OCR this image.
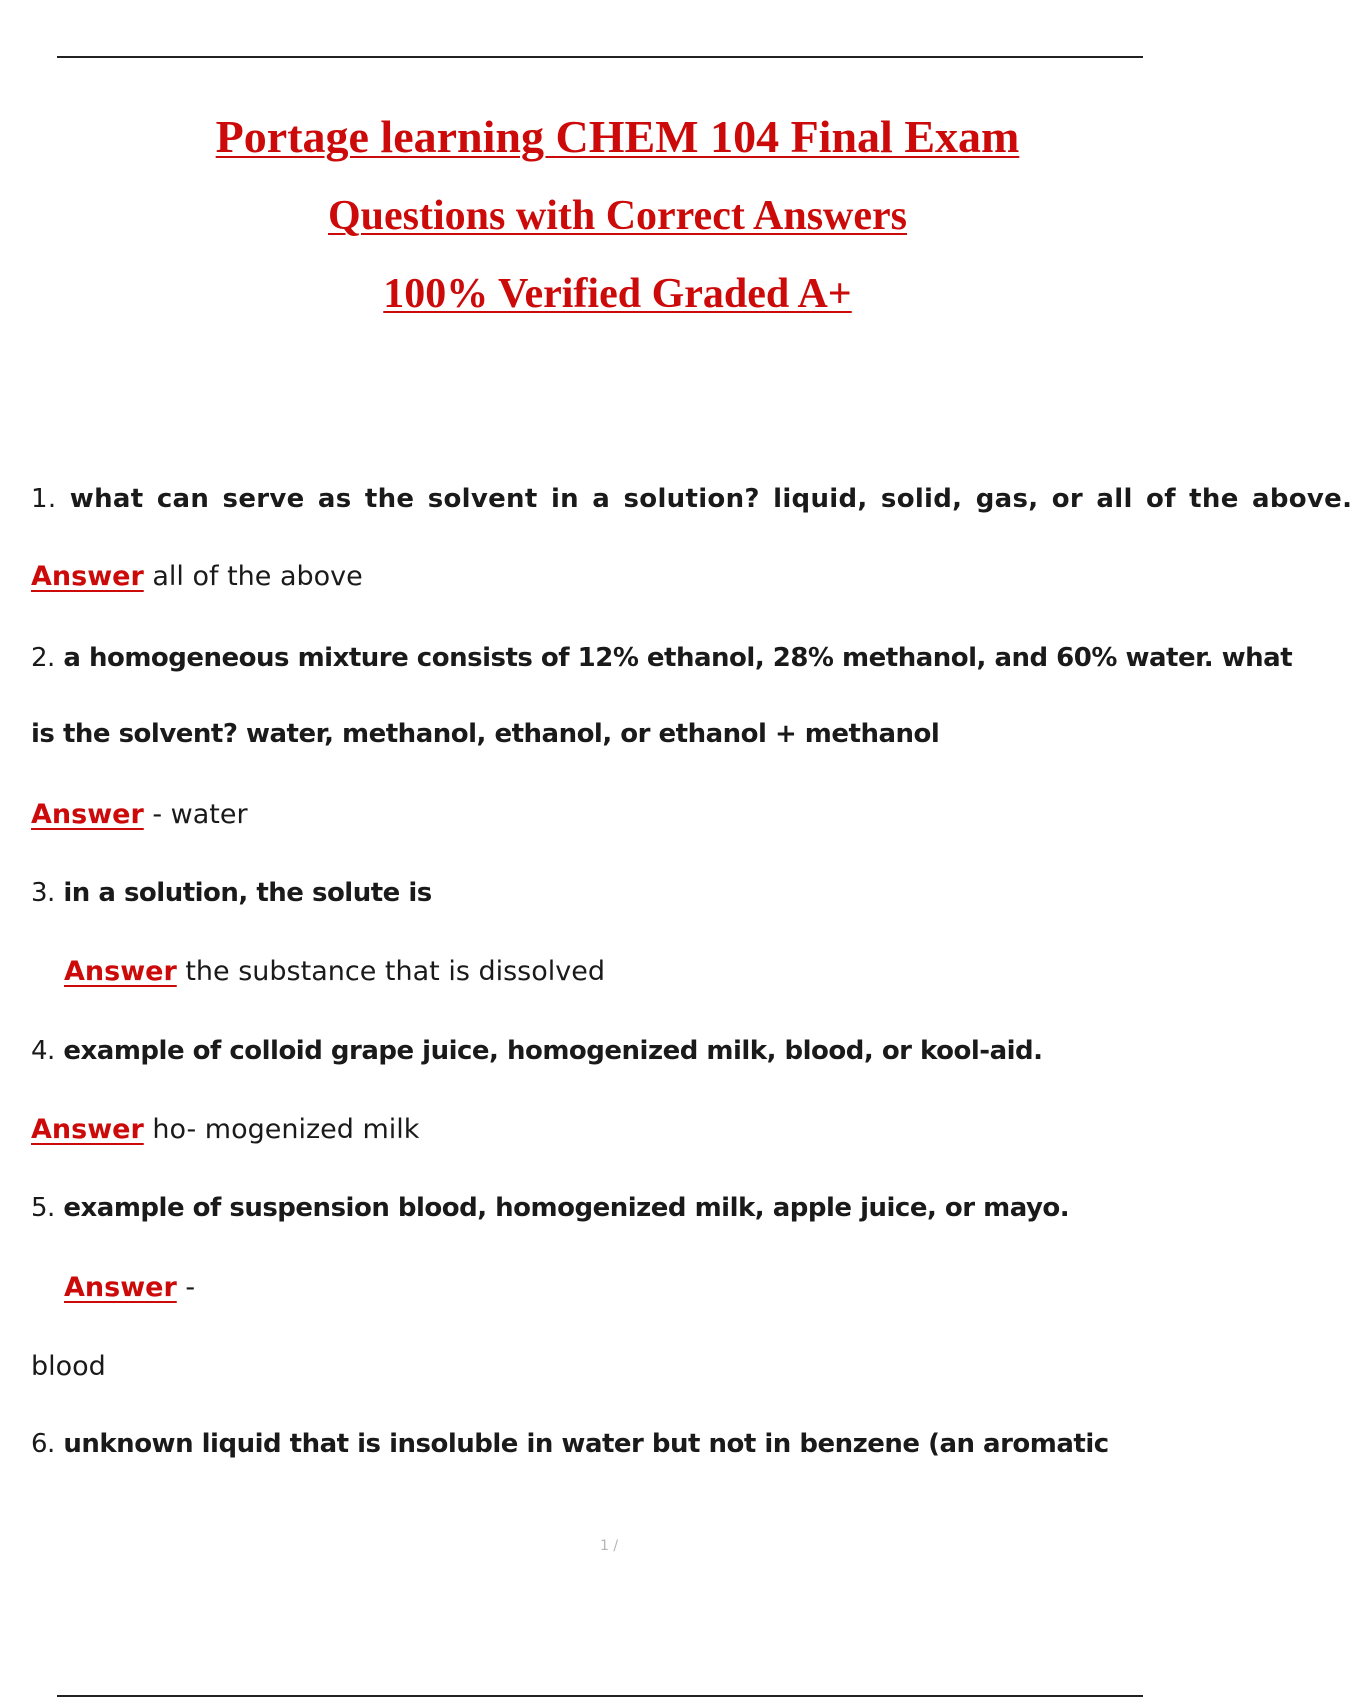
Portage learning CHEM 104 Final Exam
Questions with Correct Answers
100% Verified Graded A+
1. what can serve as the solvent in a solution? liquid, solid, gas, or all of the above.
Answer all of the above
2. a homogeneous mixture consists of 12% ethanol, 28% methanol, and 60% water. what
is the solvent? water, methanol, ethanol, or ethanol + methanol
Answer - water
3. in a solution, the solute is
Answer the substance that is dissolved
4. example of colloid grape juice, homogenized milk, blood, or kool-aid.
Answer ho- mogenized milk
5. example of suspension blood, homogenized milk, apple juice, or mayo.
Answer -
blood
6. unknown liquid that is insoluble in water but not in benzene (an aromatic
1 /
